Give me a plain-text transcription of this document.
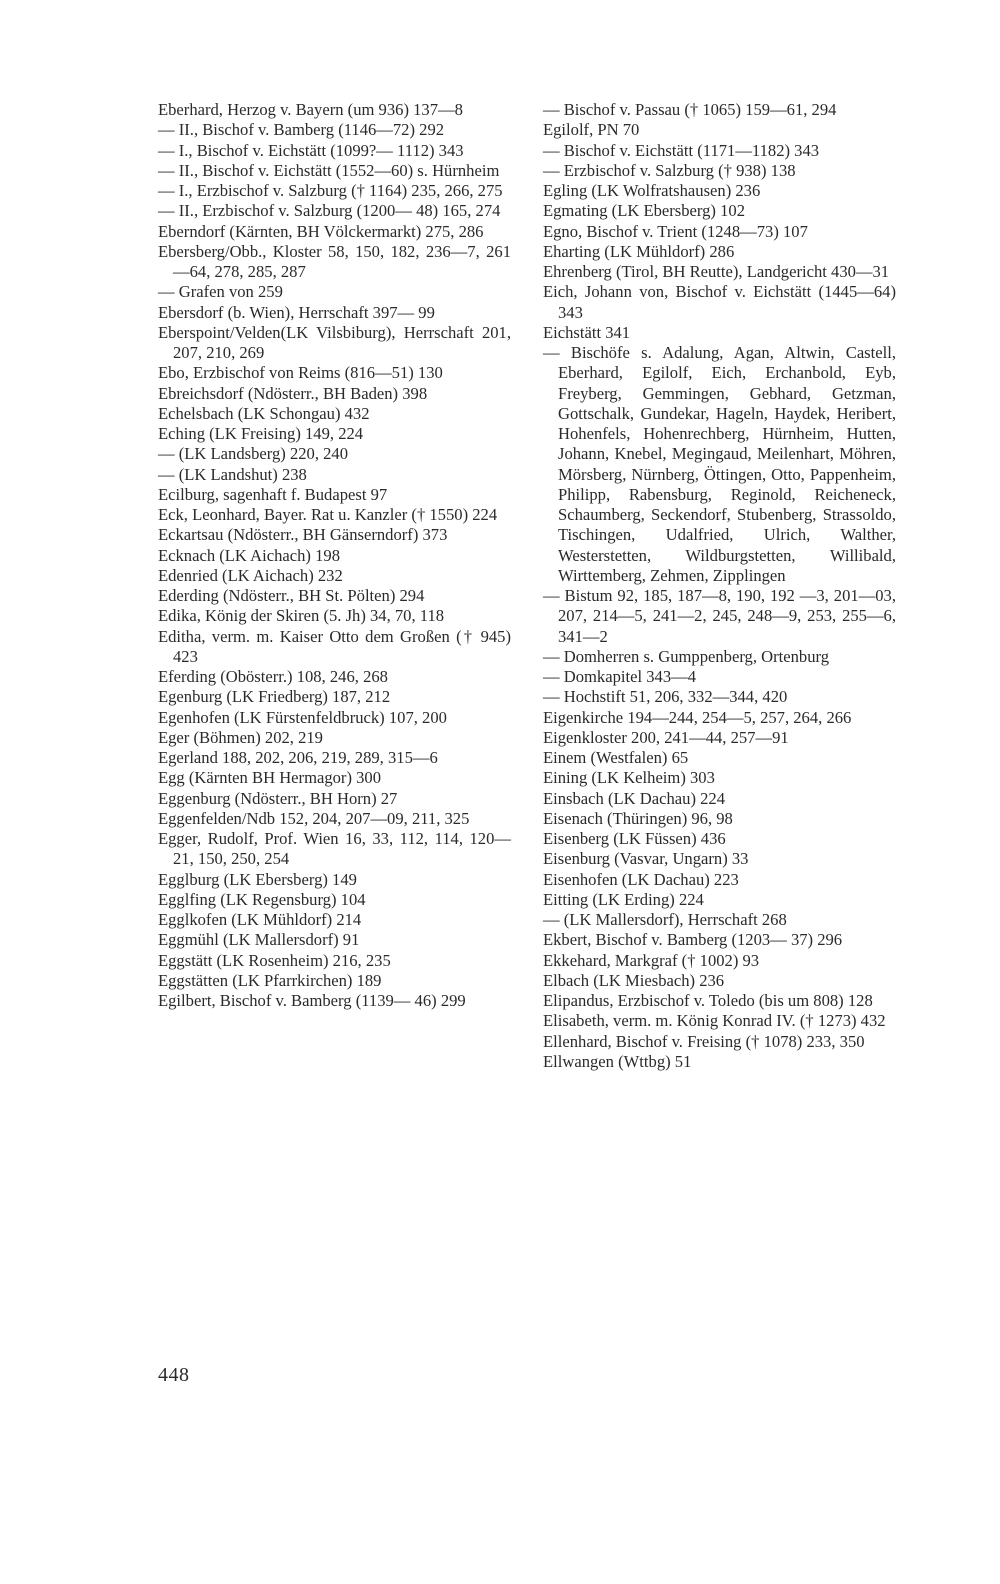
Eberhard, Herzog v. Bayern (um 936) 137—8

— II., Bischof v. Bamberg (1146—72) 292

— I., Bischof v. Eichstätt (1099?— 1112) 343

— II., Bischof v. Eichstätt (1552—60) s. Hürnheim

— I., Erzbischof v. Salzburg († 1164) 235, 266, 275

— II., Erzbischof v. Salzburg (1200— 48) 165, 274

Eberndorf (Kärnten, BH Völckermarkt) 275, 286

Ebersberg/Obb., Kloster 58, 150, 182, 236—7, 261—64, 278, 285, 287

— Grafen von 259

Ebersdorf (b. Wien), Herrschaft 397— 99

Eberspoint/Velden(LK Vilsbiburg), Herrschaft 201, 207, 210, 269

Ebo, Erzbischof von Reims (816—51) 130

Ebreichsdorf (Ndösterr., BH Baden) 398

Echelsbach (LK Schongau) 432

Eching (LK Freising) 149, 224

— (LK Landsberg) 220, 240

— (LK Landshut) 238

Ecilburg, sagenhaft f. Budapest 97

Eck, Leonhard, Bayer. Rat u. Kanzler († 1550) 224

Eckartsau (Ndösterr., BH Gänserndorf) 373

Ecknach (LK Aichach) 198

Edenried (LK Aichach) 232

Ederding (Ndösterr., BH St. Pölten) 294

Edika, König der Skiren (5. Jh) 34, 70, 118

Editha, verm. m. Kaiser Otto dem Großen († 945) 423

Eferding (Obösterr.) 108, 246, 268

Egenburg (LK Friedberg) 187, 212

Egenhofen (LK Fürstenfeldbruck) 107, 200

Eger (Böhmen) 202, 219

Egerland 188, 202, 206, 219, 289, 315—6

Egg (Kärnten BH Hermagor) 300

Eggenburg (Ndösterr., BH Horn) 27

Eggenfelden/Ndb 152, 204, 207—09, 211, 325

Egger, Rudolf, Prof. Wien 16, 33, 112, 114, 120—21, 150, 250, 254

Egglburg (LK Ebersberg) 149

Egglfing (LK Regensburg) 104

Egglkofen (LK Mühldorf) 214

Eggmühl (LK Mallersdorf) 91

Eggstätt (LK Rosenheim) 216, 235

Eggstätten (LK Pfarrkirchen) 189

Egilbert, Bischof v. Bamberg (1139— 46) 299

— Bischof v. Passau († 1065) 159—61, 294

Egilolf, PN 70

— Bischof v. Eichstätt (1171—1182) 343

— Erzbischof v. Salzburg († 938) 138

Egling (LK Wolfratshausen) 236

Egmating (LK Ebersberg) 102

Egno, Bischof v. Trient (1248—73) 107

Eharting (LK Mühldorf) 286

Ehrenberg (Tirol, BH Reutte), Landgericht 430—31

Eich, Johann von, Bischof v. Eichstätt (1445—64) 343

Eichstätt 341

— Bischöfe s. Adalung, Agan, Altwin, Castell, Eberhard, Egilolf, Eich, Erchanbold, Eyb, Freyberg, Gemmingen, Gebhard, Getzman, Gottschalk, Gundekar, Hageln, Haydek, Heribert, Hohenfels, Hohenrechberg, Hürnheim, Hutten, Johann, Knebel, Megingaud, Meilenhart, Möhren, Mörsberg, Nürnberg, Öttingen, Otto, Pappenheim, Philipp, Rabensburg, Reginold, Reicheneck, Schaumberg, Seckendorf, Stubenberg, Strassoldo, Tischingen, Udalfried, Ulrich, Walther, Westerstetten, Wildburgstetten, Willibald, Wirttemberg, Zehmen, Zipplingen

— Bistum 92, 185, 187—8, 190, 192 —3, 201—03, 207, 214—5, 241—2, 245, 248—9, 253, 255—6, 341—2

— Domherren s. Gumppenberg, Ortenburg

— Domkapitel 343—4

— Hochstift 51, 206, 332—344, 420

Eigenkirche 194—244, 254—5, 257, 264, 266

Eigenkloster 200, 241—44, 257—91

Einem (Westfalen) 65

Eining (LK Kelheim) 303

Einsbach (LK Dachau) 224

Eisenach (Thüringen) 96, 98

Eisenberg (LK Füssen) 436

Eisenburg (Vasvar, Ungarn) 33

Eisenhofen (LK Dachau) 223

Eitting (LK Erding) 224

— (LK Mallersdorf), Herrschaft 268

Ekbert, Bischof v. Bamberg (1203— 37) 296

Ekkehard, Markgraf († 1002) 93

Elbach (LK Miesbach) 236

Elipandus, Erzbischof v. Toledo (bis um 808) 128

Elisabeth, verm. m. König Konrad IV. († 1273) 432

Ellenhard, Bischof v. Freising († 1078) 233, 350

Ellwangen (Wttbg) 51

448
